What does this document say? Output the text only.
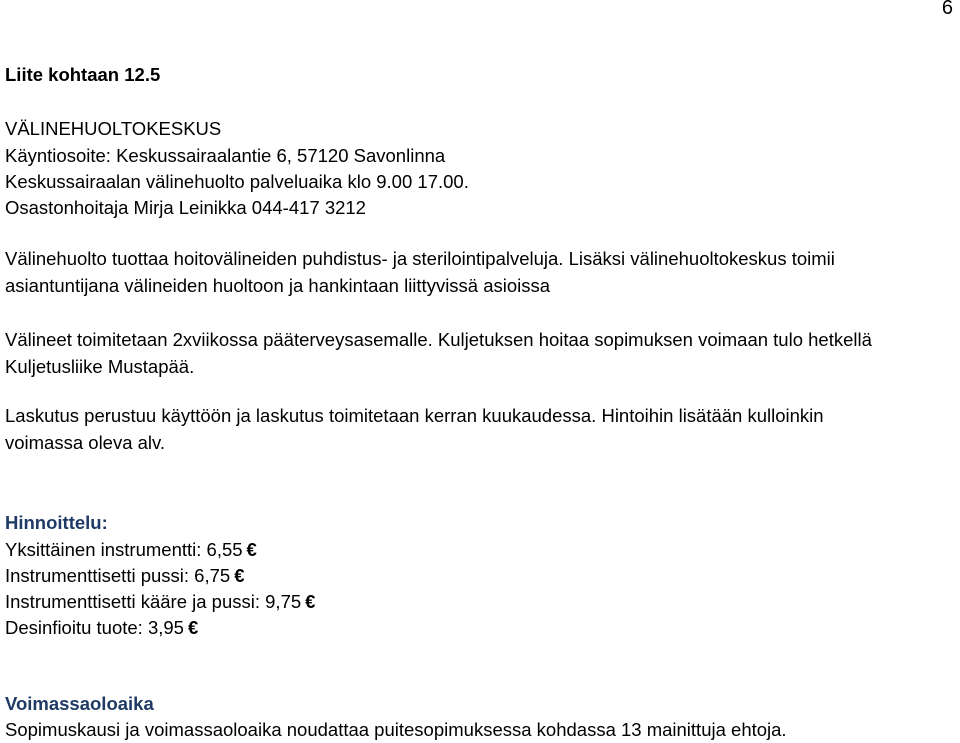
6
Liite kohtaan 12.5
VÄLINEHUOLTOKESKUS
Käyntiosoite: Keskussairaalantie 6, 57120 Savonlinna
Keskussairaalan välinehuolto palveluaika klo 9.00 17.00.
Osastonhoitaja Mirja Leinikka 044-417 3212
Välinehuolto tuottaa hoitovälineiden puhdistus- ja sterilointipalveluja. Lisäksi välinehuoltokeskus toimii
asiantuntijana välineiden huoltoon ja hankintaan liittyvissä asioissa
Välineet toimitetaan 2xviikossa pääterveysasemalle. Kuljetuksen hoitaa sopimuksen voimaan tulo hetkellä
Kuljetusliike Mustapää.
Laskutus perustuu käyttöön ja laskutus toimitetaan kerran kuukaudessa. Hintoihin lisätään kulloinkin
voimassa oleva alv.
Hinnoittelu:
Yksittäinen instrumentti: 6,55 €
Instrumenttisetti pussi: 6,75 €
Instrumenttisetti kääre ja pussi: 9,75 €
Desinfioitu tuote: 3,95 €
Voimassaoloaika
Sopimuskausi ja voimassaoloaika noudattaa puitesopimuksessa kohdassa 13 mainittuja ehtoja.
